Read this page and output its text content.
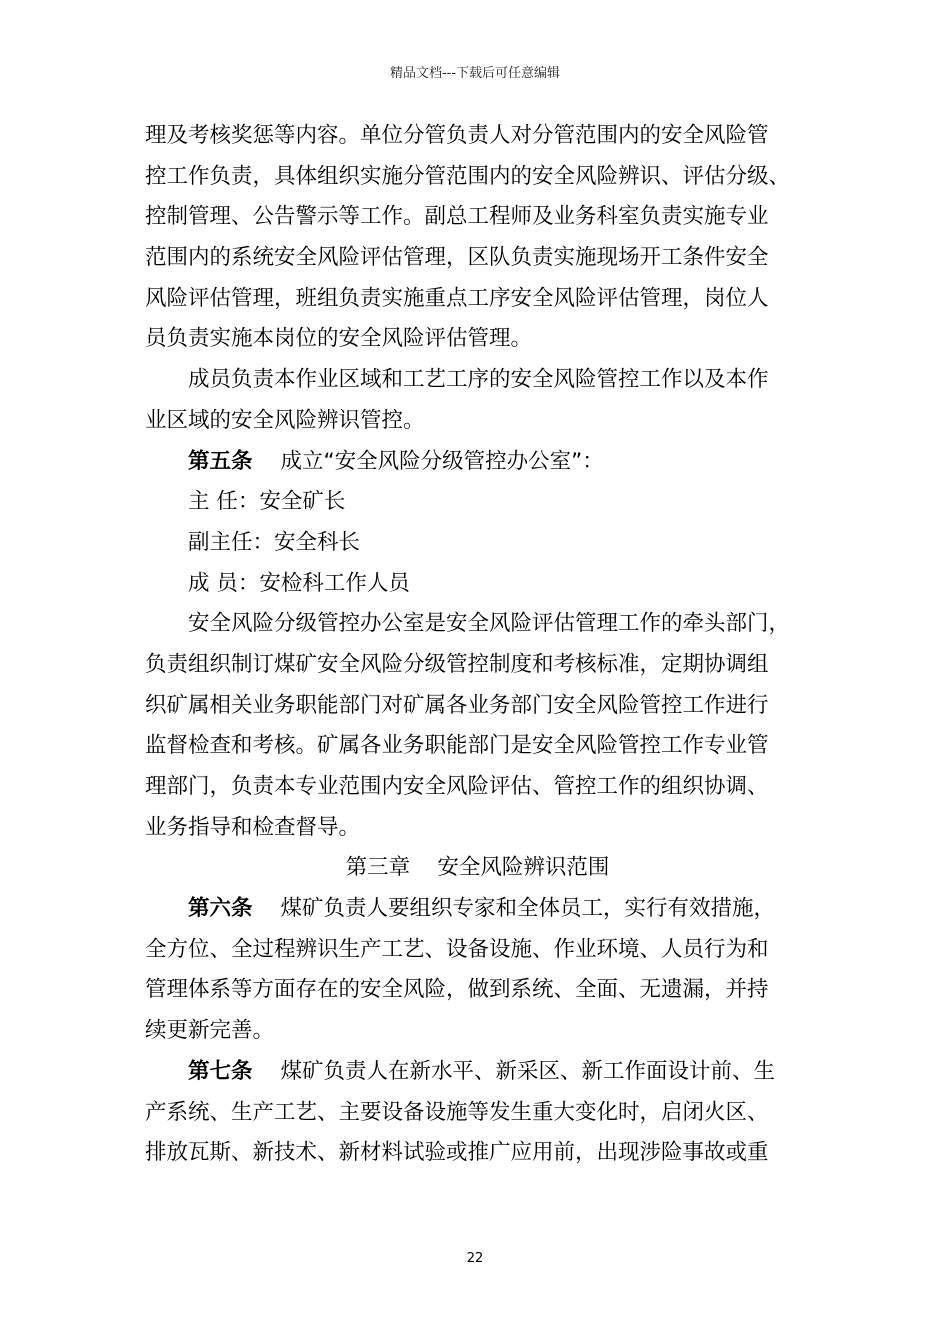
精品文档---下载后可任意编辑
理及考核奖惩等内容。单位分管负责人对分管范围内的安全风险管
控工作负责，具体组织实施分管范围内的安全风险辨识、评估分级、
控制管理、公告警示等工作。副总工程师及业务科室负责实施专业
范围内的系统安全风险评估管理，区队负责实施现场开工条件安全
风险评估管理，班组负责实施重点工序安全风险评估管理，岗位人
员负责实施本岗位的安全风险评估管理。
成员负责本作业区域和工艺工序的安全风险管控工作以及本作
业区域的安全风险辨识管控。
第五条 成立“安全风险分级管控办公室”：
主 任：安全矿长
副主任：安全科长
成 员：安检科工作人员
安全风险分级管控办公室是安全风险评估管理工作的牵头部门，
负责组织制订煤矿安全风险分级管控制度和考核标准，定期协调组
织矿属相关业务职能部门对矿属各业务部门安全风险管控工作进行
监督检查和考核。矿属各业务职能部门是安全风险管控工作专业管
理部门，负责本专业范围内安全风险评估、管控工作的组织协调、
业务指导和检查督导。
第三章    安全风险辨识范围
第六条 煤矿负责人要组织专家和全体员工，实行有效措施，
全方位、全过程辨识生产工艺、设备设施、作业环境、人员行为和
管理体系等方面存在的安全风险，做到系统、全面、无遗漏，并持
续更新完善。
第七条 煤矿负责人在新水平、新采区、新工作面设计前、生
产系统、生产工艺、主要设备设施等发生重大变化时，启闭火区、
排放瓦斯、新技术、新材料试验或推广应用前，出现涉险事故或重
22
